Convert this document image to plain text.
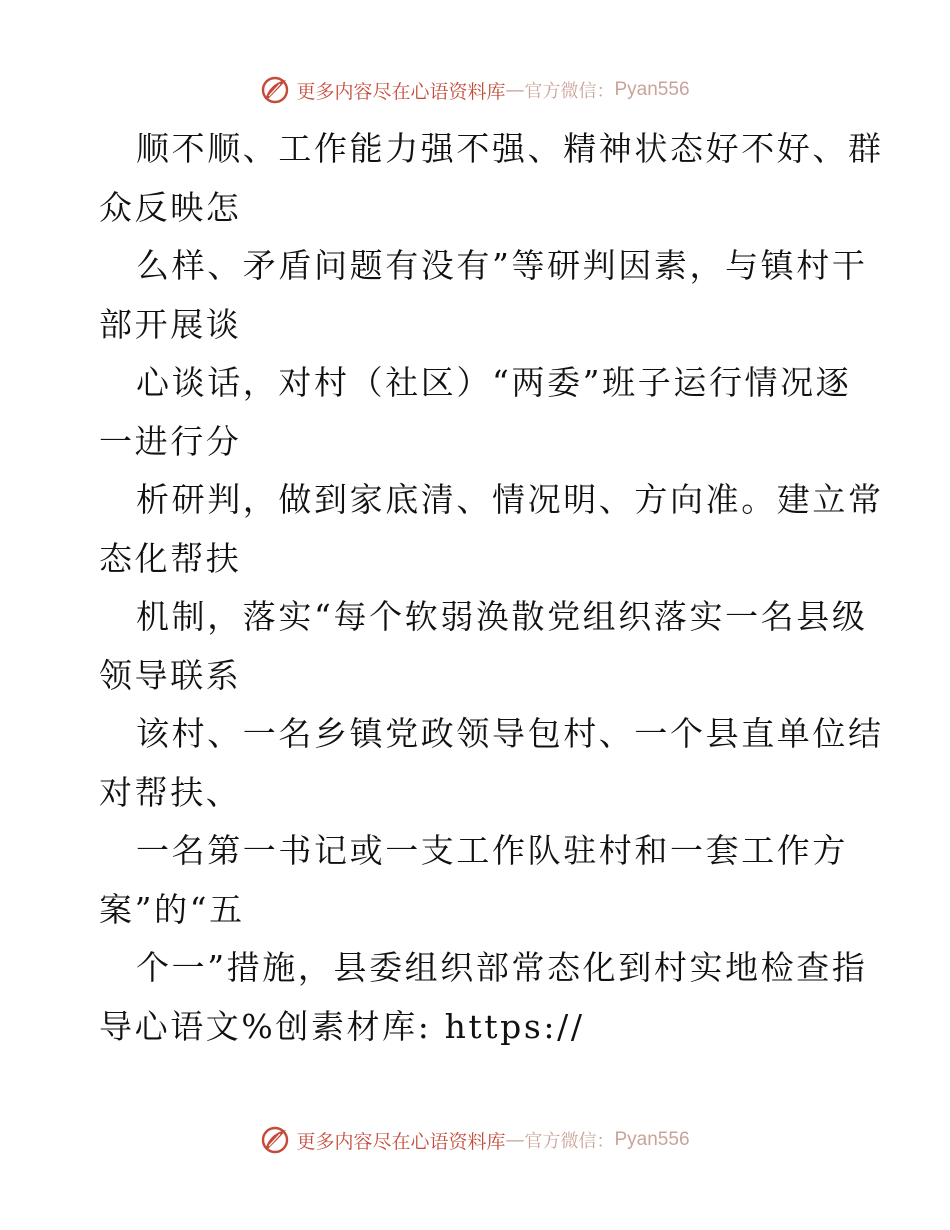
更多内容尽在心语资料库 — 官方微信： Pyan556
顺不顺、工作能力强不强、精神状态好不好、群
众反映怎
么样、矛盾问题有没有”等研判因素，与镇村干
部开展谈
心谈话，对村（社区）“两委”班子运行情况逐
一进行分
析研判，做到家底清、情况明、方向准。建立常
态化帮扶
机制，落实“每个软弱涣散党组织落实一名县级
领导联系
该村、一名乡镇党政领导包村、一个县直单位结
对帮扶、
一名第一书记或一支工作队驻村和一套工作方
案”的“五
个一”措施，县委组织部常态化到村实地检查指
导心语文%创素材库: https://
更多内容尽在心语资料库 — 官方微信： Pyan556
